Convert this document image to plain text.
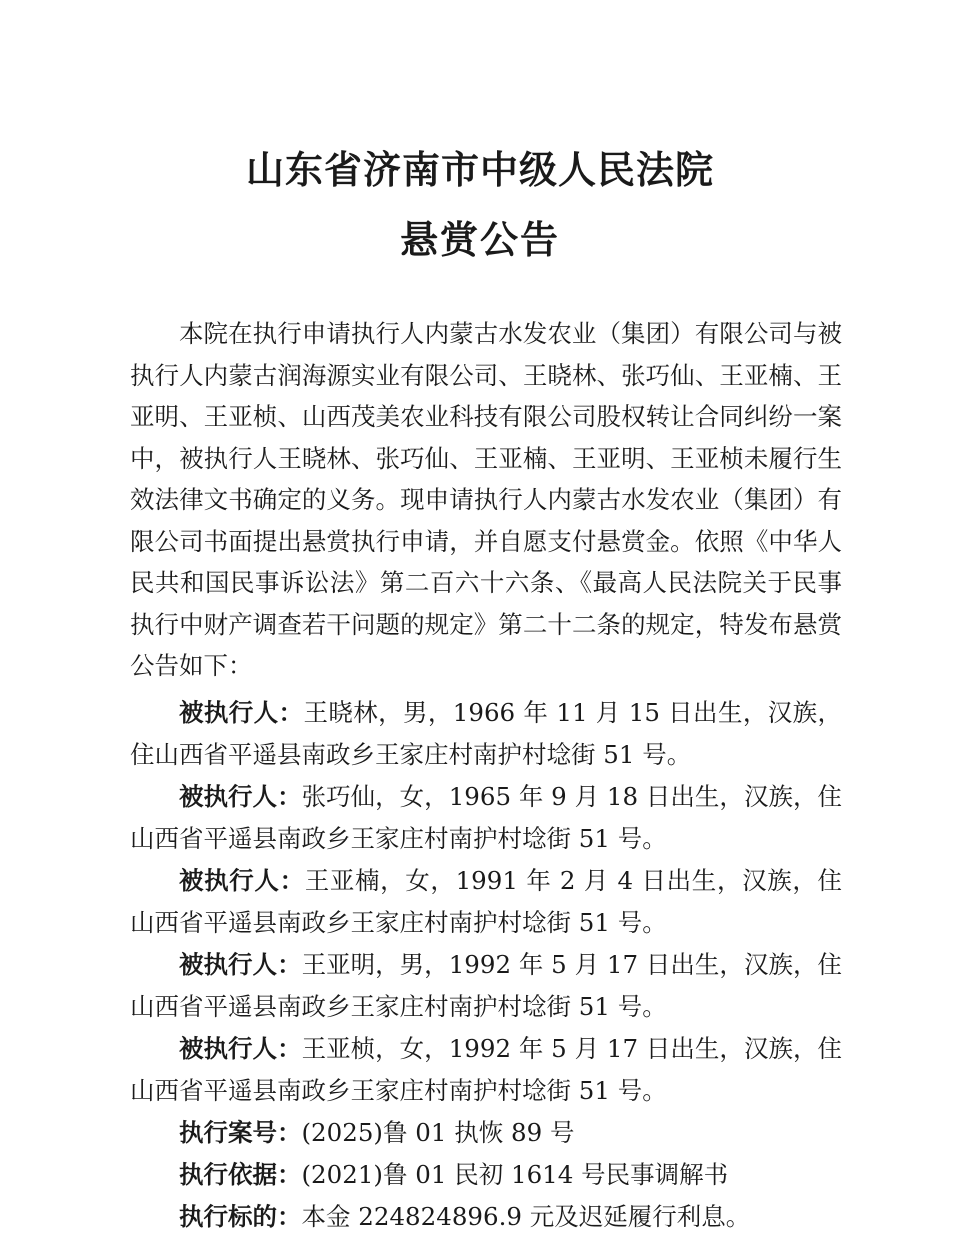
山东省济南市中级人民法院
悬赏公告
本院在执行申请执行人内蒙古水发农业（集团）有限公司与被执行人内蒙古润海源实业有限公司、王晓林、张巧仙、王亚楠、王亚明、王亚桢、山西茂美农业科技有限公司股权转让合同纠纷一案中，被执行人王晓林、张巧仙、王亚楠、王亚明、王亚桢未履行生效法律文书确定的义务。现申请执行人内蒙古水发农业（集团）有限公司书面提出悬赏执行申请，并自愿支付悬赏金。依照《中华人民共和国民事诉讼法》第二百六十六条、《最高人民法院关于民事执行中财产调查若干问题的规定》第二十二条的规定，特发布悬赏公告如下：
被执行人：王晓林，男，1966 年 11 月 15 日出生，汉族，住山西省平遥县南政乡王家庄村南护村埝街 51 号。
被执行人：张巧仙，女，1965 年 9 月 18 日出生，汉族，住山西省平遥县南政乡王家庄村南护村埝街 51 号。
被执行人：王亚楠，女，1991 年 2 月 4 日出生，汉族，住山西省平遥县南政乡王家庄村南护村埝街 51 号。
被执行人：王亚明，男，1992 年 5 月 17 日出生，汉族，住山西省平遥县南政乡王家庄村南护村埝街 51 号。
被执行人：王亚桢，女，1992 年 5 月 17 日出生，汉族，住山西省平遥县南政乡王家庄村南护村埝街 51 号。
执行案号：(2025)鲁 01 执恢 89 号
执行依据：(2021)鲁 01 民初 1614 号民事调解书
执行标的：本金 224824896.9 元及迟延履行利息。
